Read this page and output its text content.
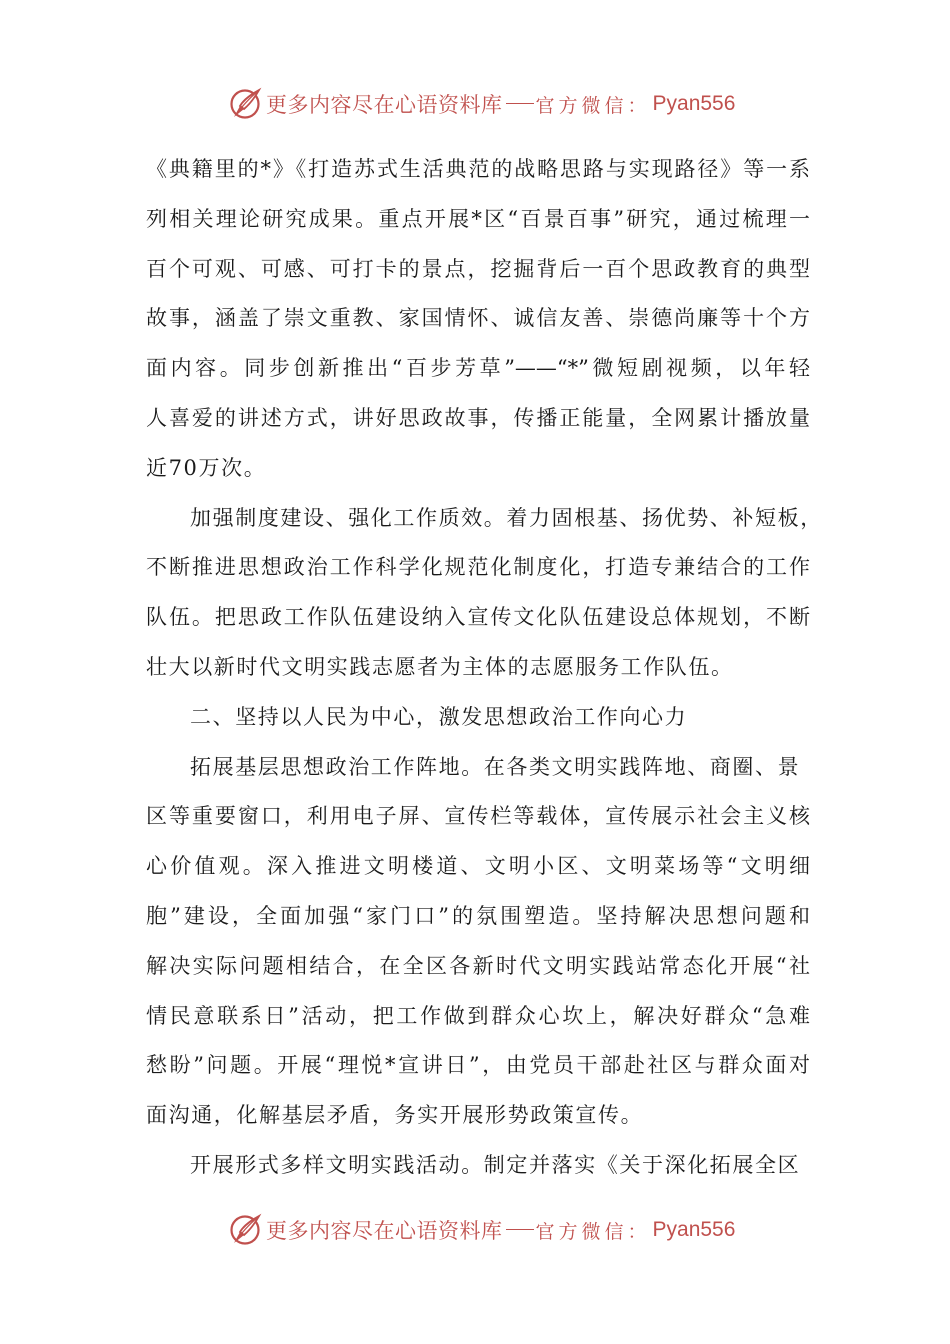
更多内容尽在心语资料库 官方微信： Pyan556
《典籍里的*》《打造苏式生活典范的战略思路与实现路径》等一系
列相关理论研究成果。重点开展*区“百景百事”研究，通过梳理一
百个可观、可感、可打卡的景点，挖掘背后一百个思政教育的典型
故事，涵盖了崇文重教、家国情怀、诚信友善、崇德尚廉等十个方
面内容。同步创新推出“百步芳草”——“*”微短剧视频，以年轻
人喜爱的讲述方式，讲好思政故事，传播正能量，全网累计播放量
近70万次。
加强制度建设、强化工作质效。着力固根基、扬优势、补短板，
不断推进思想政治工作科学化规范化制度化，打造专兼结合的工作
队伍。把思政工作队伍建设纳入宣传文化队伍建设总体规划，不断
壮大以新时代文明实践志愿者为主体的志愿服务工作队伍。
二、坚持以人民为中心，激发思想政治工作向心力
拓展基层思想政治工作阵地。在各类文明实践阵地、商圈、景
区等重要窗口，利用电子屏、宣传栏等载体，宣传展示社会主义核
心价值观。深入推进文明楼道、文明小区、文明菜场等“文明细
胞”建设，全面加强“家门口”的氛围塑造。坚持解决思想问题和
解决实际问题相结合，在全区各新时代文明实践站常态化开展“社
情民意联系日”活动，把工作做到群众心坎上，解决好群众“急难
愁盼”问题。开展“理悦*宣讲日”，由党员干部赴社区与群众面对
面沟通，化解基层矛盾，务实开展形势政策宣传。
开展形式多样文明实践活动。制定并落实《关于深化拓展全区
更多内容尽在心语资料库 官方微信： Pyan556
